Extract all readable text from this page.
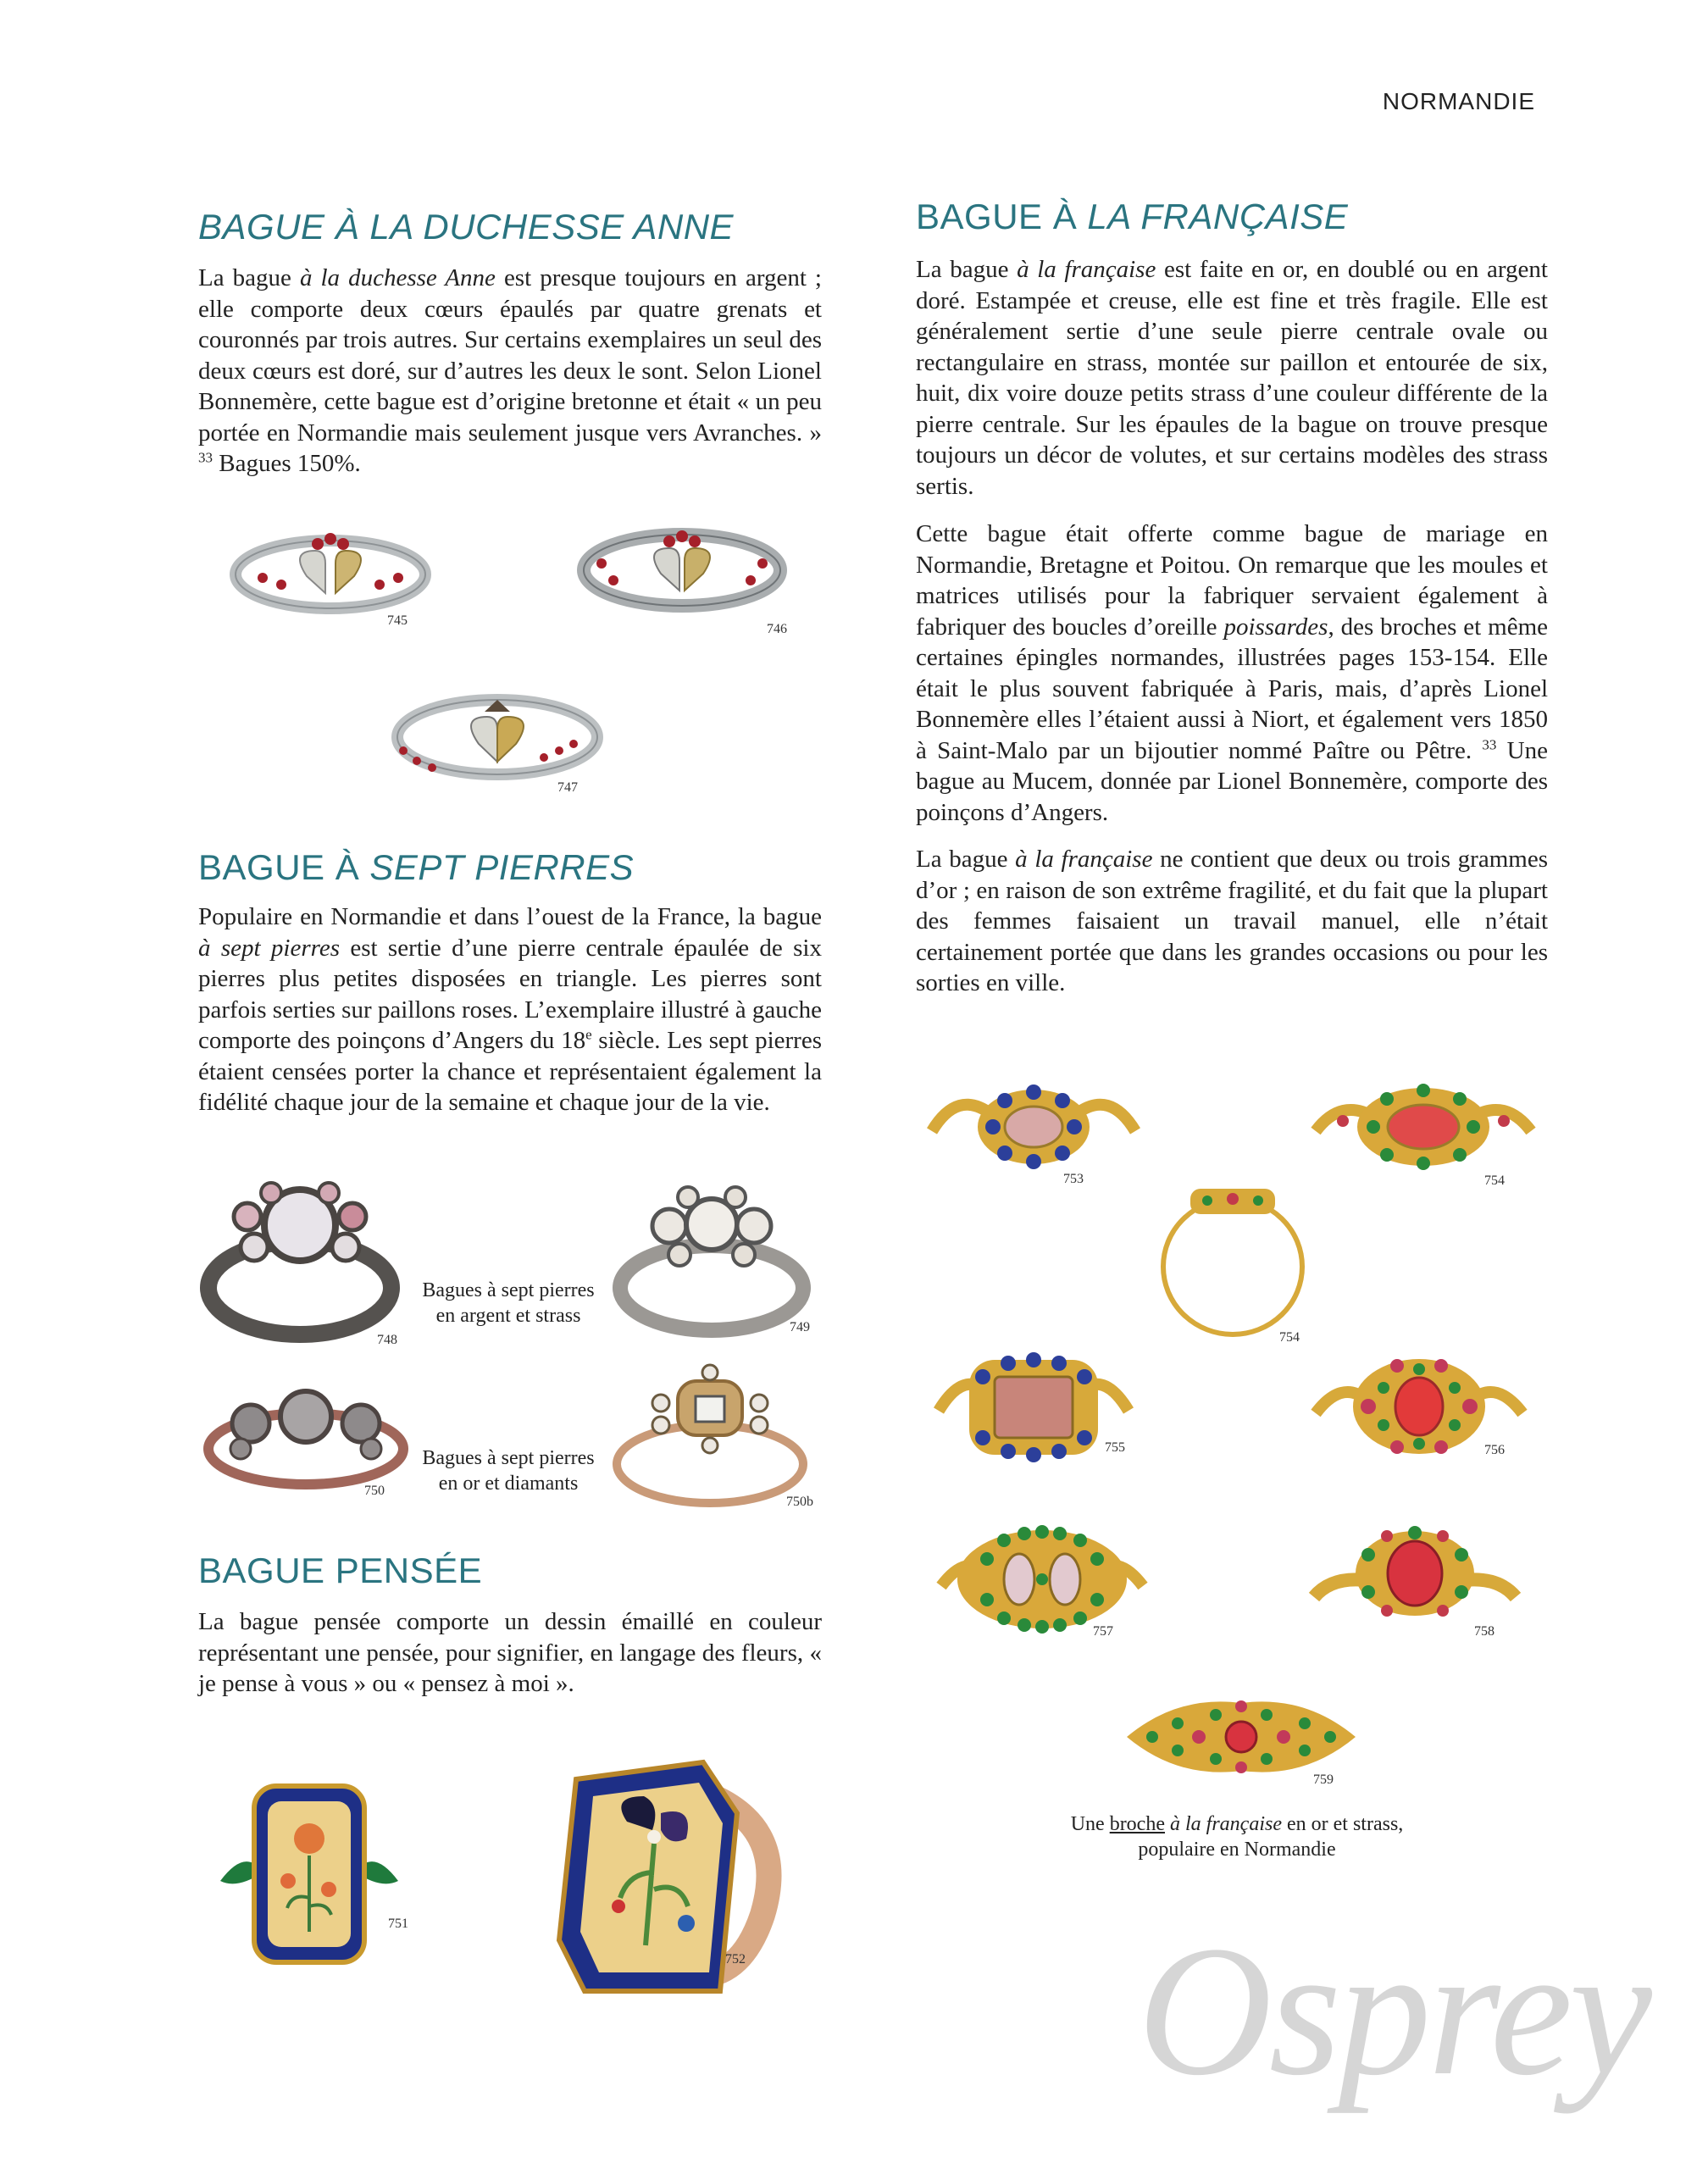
NORMANDIE
BAGUE À LA DUCHESSE ANNE

La bague à la duchesse Anne est presque toujours en argent ; elle comporte deux cœurs épaulés par quatre grenats et couronnés par trois autres. Sur certains exemplaires un seul des deux cœurs est doré, sur d’autres les deux le sont. Selon Lionel Bonnemère, cette bague est d’origine bretonne et était « un peu portée en Normandie mais seulement jusque vers Avranches. » $^{33}$ Bagues 150%.

745
746
747
BAGUE À SEPT PIERRES

Populaire en Normandie et dans l’ouest de la France, la bague à sept pierres est sertie d’une pierre centrale épaulée de six pierres plus petites disposées en triangle. Les pierres sont parfois serties sur paillons roses. L’exemplaire illustré à gauche comporte des poinçons d’Angers du 18e siècle. Les sept pierres étaient censées porter la chance et représentaient également la fidélité chaque jour de la semaine et chaque jour de la vie.

748
Bagues à sept pierres
en argent et strass
749
750
Bagues à sept pierres
en or et diamants
750b
BAGUE PENSÉE

La bague pensée comporte un dessin émaillé en couleur représentant une pensée, pour signifier, en langage des fleurs, « je pense à vous » ou « pensez à moi ».

751
752
BAGUE À LA FRANÇAISE

La bague à la française est faite en or, en doublé ou en argent doré. Estampée et creuse, elle est fine et très fragile. Elle est généralement sertie d’une seule pierre centrale ovale ou rectangulaire en strass, montée sur paillon et entourée de six, huit, dix voire douze petits strass d’une couleur différente de la pierre centrale. Sur les épaules de la bague on trouve presque toujours un décor de volutes, et sur certains modèles des strass sertis.

Cette bague était offerte comme bague de mariage en Normandie, Bretagne et Poitou. On remarque que les moules et matrices utilisés pour la fabriquer servaient également à fabriquer des boucles d’oreille poissardes, des broches et même certaines épingles normandes, illustrées pages 153-154. Elle était le plus souvent fabriquée à Paris, mais, d’après Lionel Bonnemère elles l’étaient aussi à Niort, et également vers 1850 à Saint-Malo par un bijoutier nommé Paître ou Pêtre. $^{33}$ Une bague au Mucem, donnée par Lionel Bonnemère, comporte des poinçons d’Angers.

La bague à la française ne contient que deux ou trois grammes d’or ; en raison de son extrême fragilité, et du fait que la plupart des femmes faisaient un travail manuel, elle n’était certainement portée que dans les grandes occasions ou pour les sorties en ville.

753	754
754
755	756
757	758
759
Une broche à la française en or et strass,
populaire en Normandie
Osprey
